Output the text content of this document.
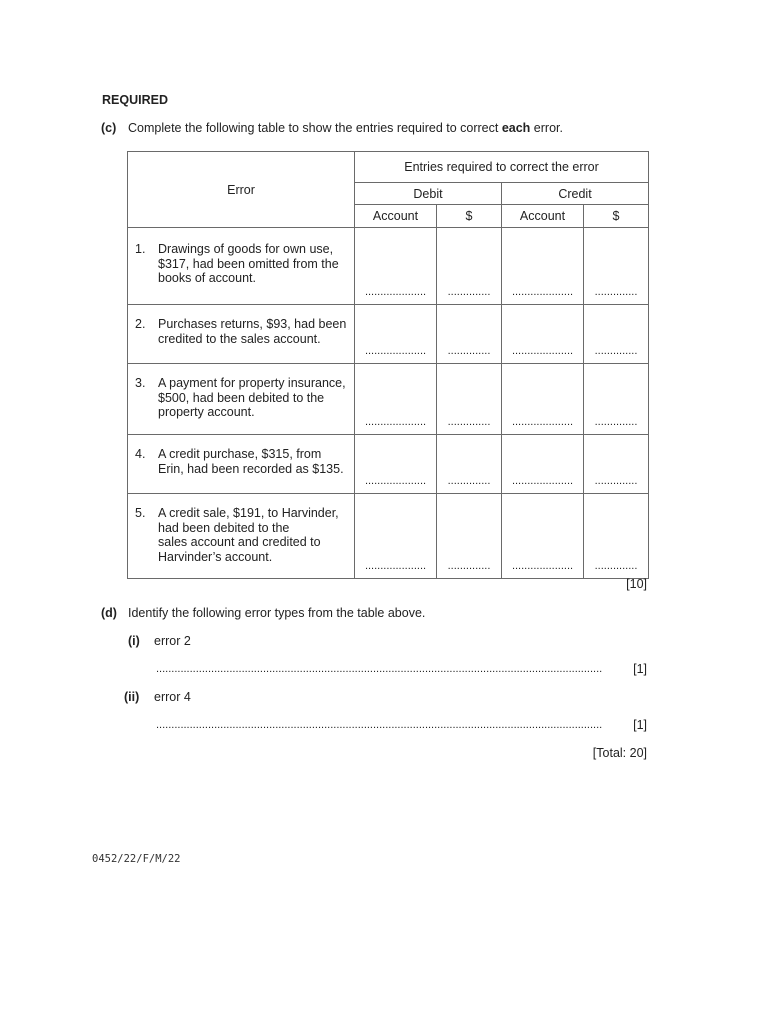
REQUIRED
(c) Complete the following table to show the entries required to correct each error.
Error	Entries required to correct the error			
	Debit		Credit	
	Account	$	Account	$

1. Drawings of goods for own use,
$317, had been omitted from the
books of account.	....................	..............	....................	..............

2. Purchases returns, $93, had been
credited to the sales account.	....................	..............	....................	..............

3. A payment for property insurance,
$500, had been debited to the
property account.	....................	..............	....................	..............

4. A credit purchase, $315, from
Erin, had been recorded as $135.	....................	..............	....................	..............

5. A credit sale, $191, to Harvinder,
had been debited to the
sales account and credited to
Harvinder’s account.	....................	..............	....................	..............
[10]
(d) Identify the following error types from the table above.
(i) error 2
..................................................................................................................................................	[1]
(ii) error 4
..................................................................................................................................................	[1]
[Total: 20]
0452/22/F/M/22
